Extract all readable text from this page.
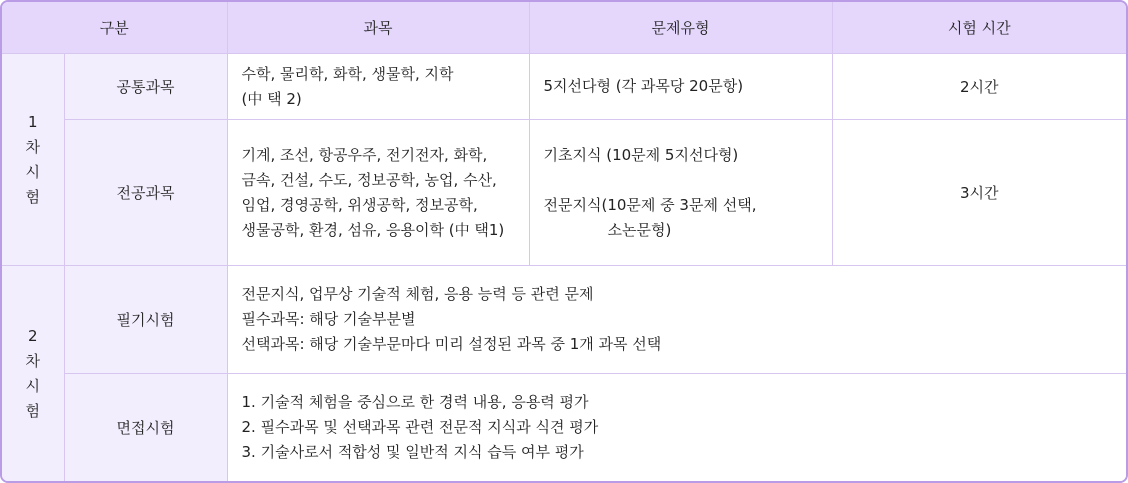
구분		과목	문제유형	시험 시간

1
차
시
험	공통과목	수학, 물리학, 화학, 생물학, 지학
(中 택 2)	5지선다형 (각 과목당 20문항)	2시간
	전공과목	기계, 조선, 항공우주, 전기전자, 화학,
금속, 건설, 수도, 정보공학, 농업, 수산,
임업, 경영공학, 위생공학, 정보공학,
생물공학, 환경, 섬유, 응용이학 (中 택1)	기초지식 (10문제 5지선다형)
전문지식(10문제 중 3문제 선택,
소논문형)	3시간

2
차
시
험	필기시험	전문지식, 업무상 기술적 체험, 응용 능력 등 관련 문제
필수과목: 해당 기술부분별
선택과목: 해당 기술부문마다 미리 설정된 과목 중 1개 과목 선택		

	면접시험	1. 기술적 체험을 중심으로 한 경력 내용, 응용력 평가
2. 필수과목 및 선택과목 관련 전문적 지식과 식견 평가
3. 기술사로서 적합성 및 일반적 지식 습득 여부 평가		
